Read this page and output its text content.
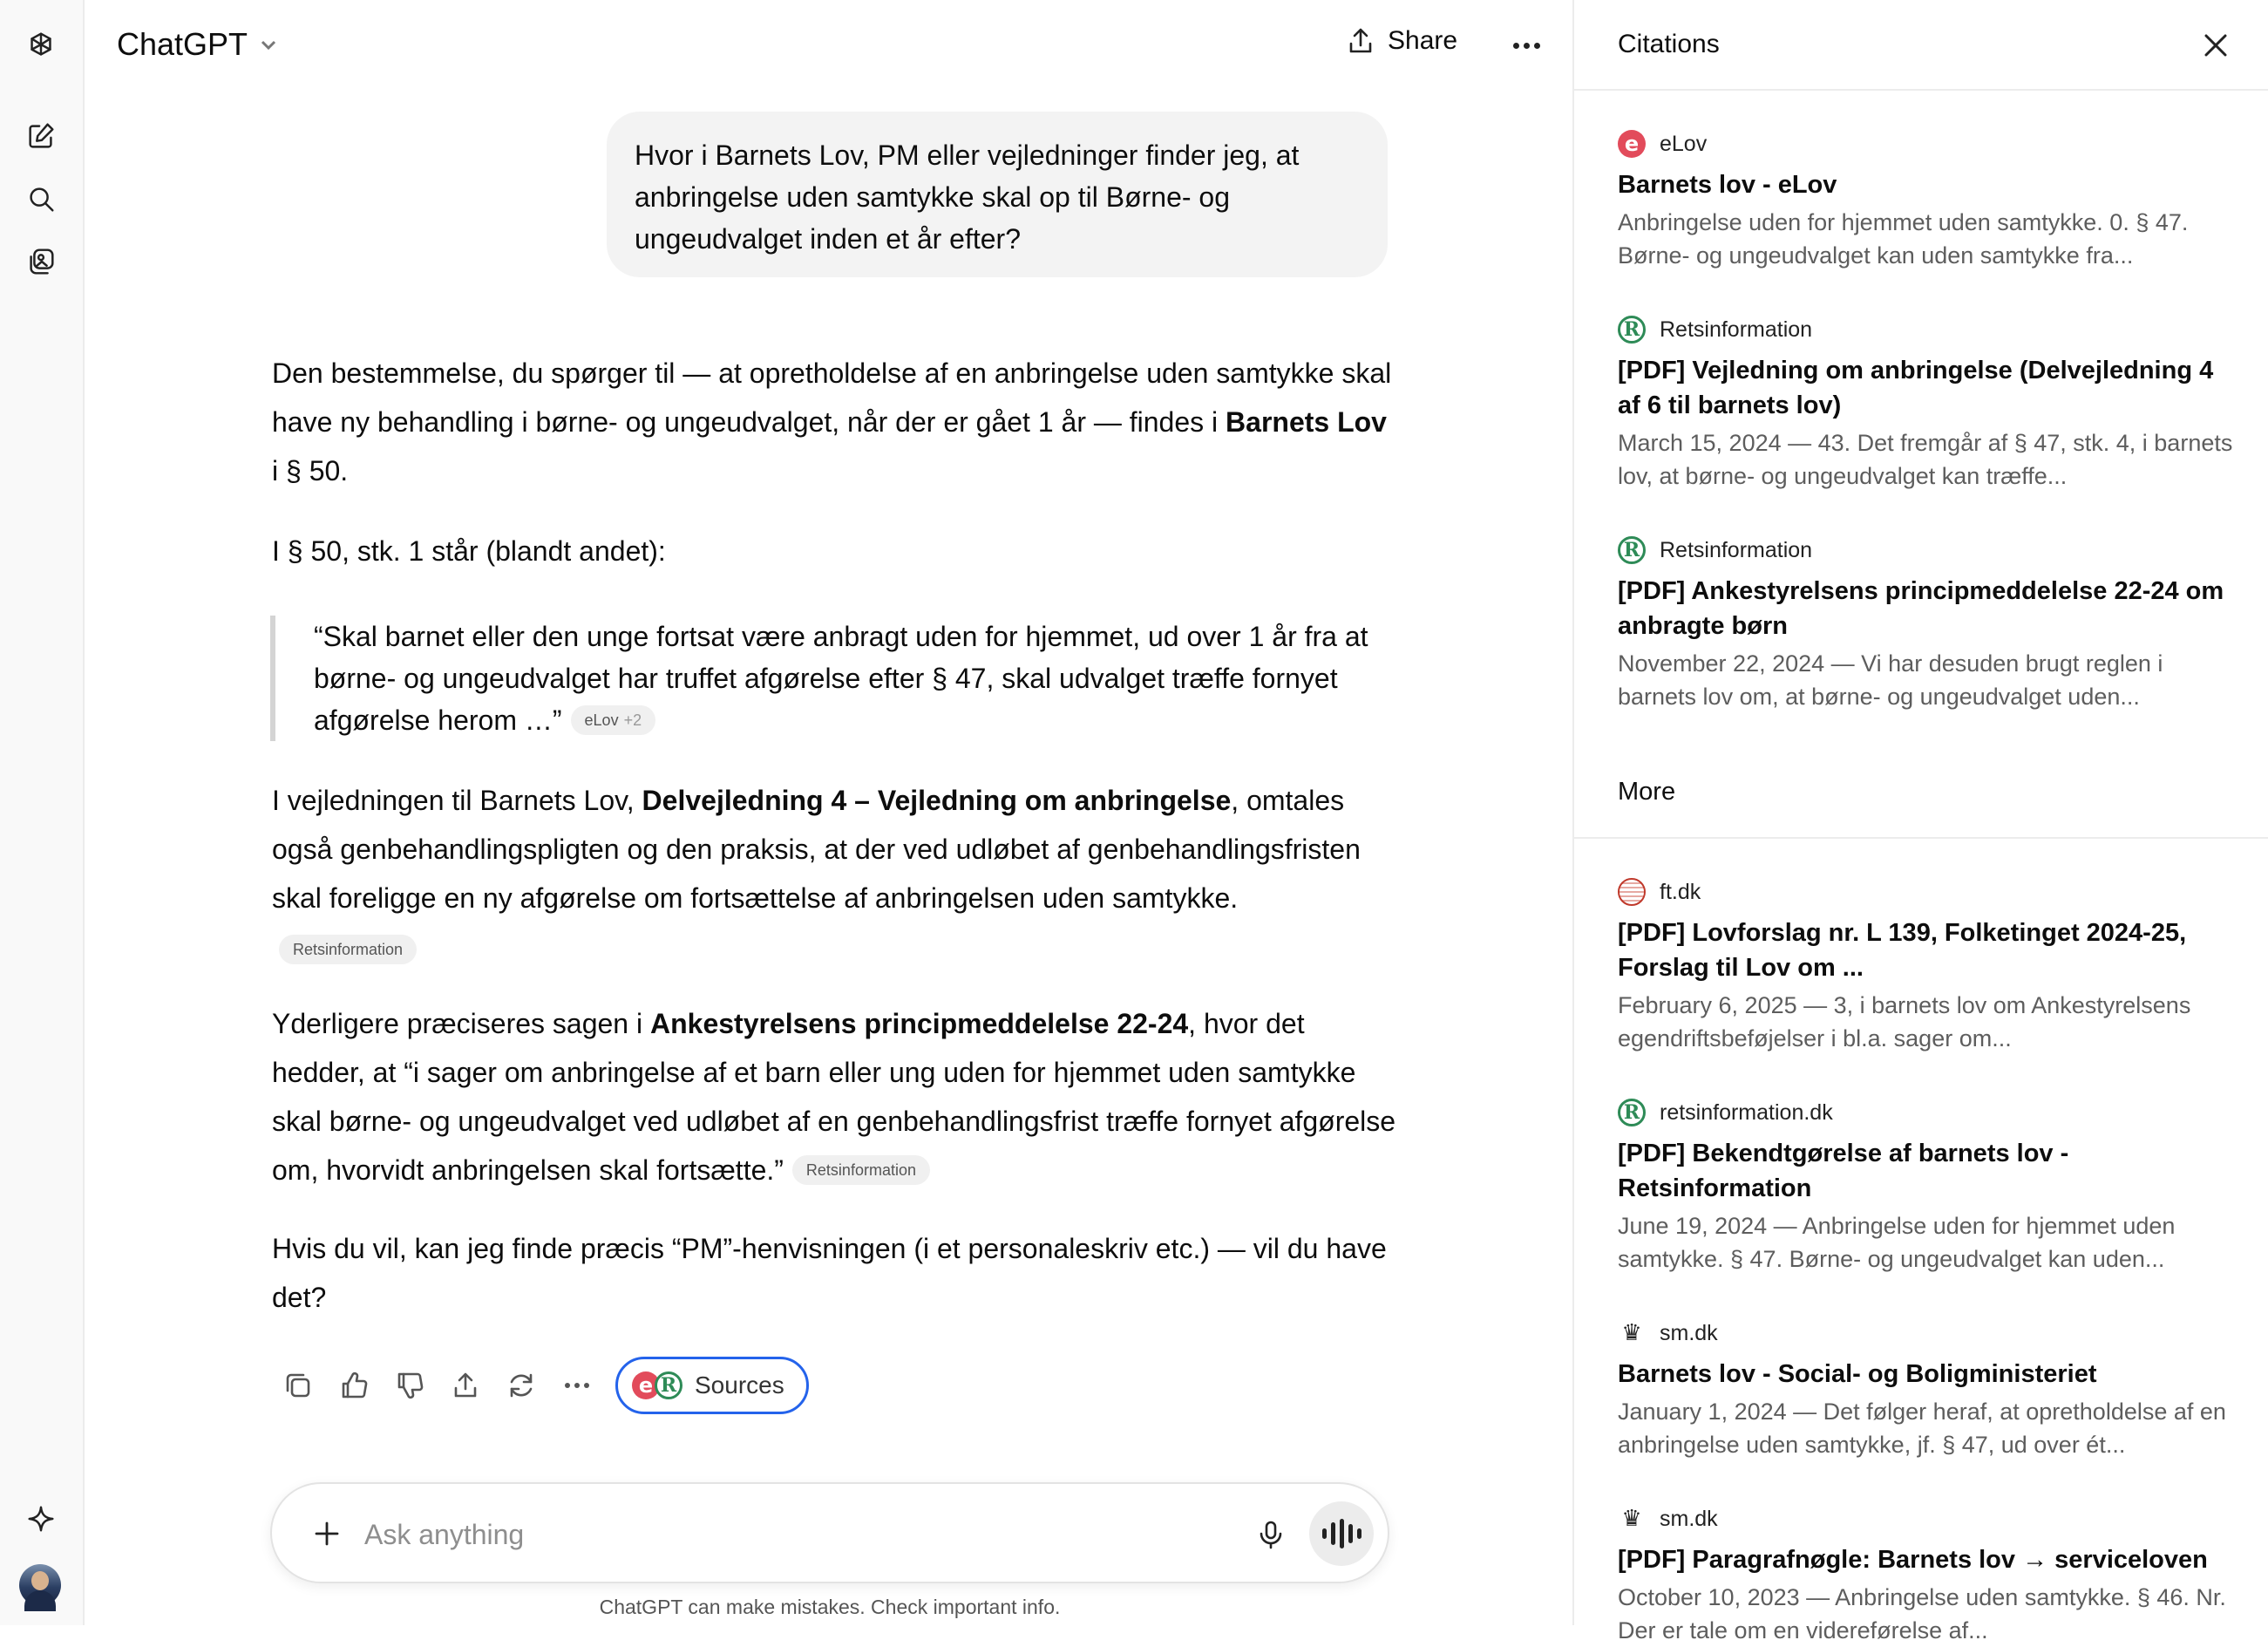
ChatGPT	Share
Hvor i Barnets Lov, PM eller vejledninger finder jeg, at anbringelse uden samtykke skal op til Børne- og ungeudvalget inden et år efter?

Den bestemmelse, du spørger til — at opretholdelse af en anbringelse uden samtykke skal have ny behandling i børne- og ungeudvalget, når der er gået 1 år — findes i Barnets Lov i § 50.

I § 50, stk. 1 står (blandt andet):

“Skal barnet eller den unge fortsat være anbragt uden for hjemmet, ud over 1 år fra at børne- og ungeudvalget har truffet afgørelse efter § 47, skal udvalget træffe fornyet afgørelse herom …” eLov +2

I vejledningen til Barnets Lov, Delvejledning 4 – Vejledning om anbringelse, omtales også genbehandlingspligten og den praksis, at der ved udløbet af genbehandlingsfristen skal foreligge en ny afgørelse om fortsættelse af anbringelsen uden samtykke.

Retsinformation

Yderligere præciseres sagen i Ankestyrelsens principmeddelelse 22-24, hvor det hedder, at “i sager om anbringelse af et barn eller ung uden for hjemmet uden samtykke skal børne- og ungeudvalget ved udløbet af en genbehandlingsfrist træffe fornyet afgørelse om, hvorvidt anbringelsen skal fortsætte.” Retsinformation

Hvis du vil, kan jeg finde præcis “PM”-henvisningen (i et personaleskriv etc.) — vil du have det?

e R Sources
Ask anything
ChatGPT can make mistakes. Check important info.
Citations
e eLov
Barnets lov - eLov
Anbringelse uden for hjemmet uden samtykke. 0. § 47. Børne- og ungeudvalget kan uden samtykke fra...
R Retsinformation
[PDF] Vejledning om anbringelse (Delvejledning 4 af 6 til barnets lov)
March 15, 2024 — 43. Det fremgår af § 47, stk. 4, i barnets lov, at børne- og ungeudvalget kan træffe...
R Retsinformation
[PDF] Ankestyrelsens principmeddelelse 22-24 om anbragte børn
November 22, 2024 — Vi har desuden brugt reglen i barnets lov om, at børne- og ungeudvalget uden...
More
ft.dk
[PDF] Lovforslag nr. L 139, Folketinget 2024-25, Forslag til Lov om ...
February 6, 2025 — 3, i barnets lov om Ankestyrelsens egendriftsbeføjelser i bl.a. sager om...
R retsinformation.dk
[PDF] Bekendtgørelse af barnets lov - Retsinformation
June 19, 2024 — Anbringelse uden for hjemmet uden samtykke. § 47. Børne- og ungeudvalget kan uden...
♛ sm.dk
Barnets lov - Social- og Boligministeriet
January 1, 2024 — Det følger heraf, at opretholdelse af en anbringelse uden samtykke, jf. § 47, ud over ét...
♛ sm.dk
[PDF] Paragrafnøgle: Barnets lov → serviceloven
October 10, 2023 — Anbringelse uden samtykke. § 46. Nr. Der er tale om en videreførelse af...
